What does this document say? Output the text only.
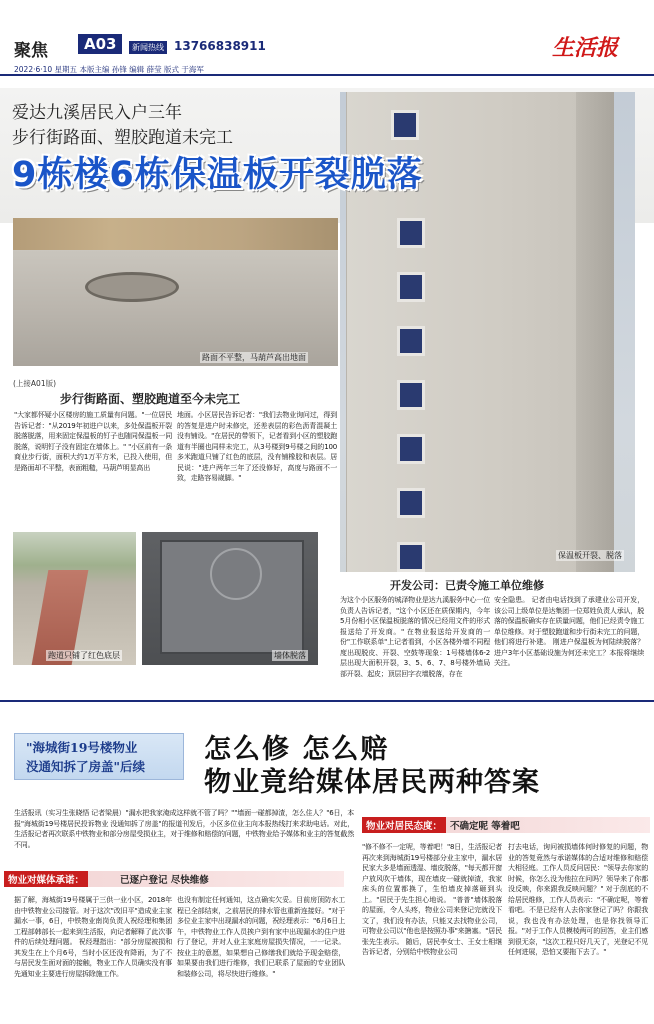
聚焦	A03	新闻热线 13766838911	生活报
2022·6·10 星期五 本版主编 孙锋 编辑 薛莹 版式 于海军
爱达九溪居民入户三年
步行街路面、塑胶跑道未完工
9栋楼6栋保温板开裂脱落
保温板开裂、脱落
路面不平整，马葫芦高出地面
(上接A01版)
步行街路面、塑胶跑道至今未完工
"大家都怀疑小区楼房的施工质量有问题。"一位居民告诉记者："从2019年初进户以来，多处保温板开裂脱落脱落，用来固定保温板的钉子也随同保温板一同脱落，说明钉子没有固定在墙体上。" "小区前有一条商业步行街，面积大约1万平方米，已投入使用，但是路面却不平整，表面粗糙，马葫芦明显高出
地面。小区居民告诉记者："我们去物业询问过，得到的答复是进户时未修完，还差表层的彩色沥青混凝土没有铺设。"在居民的带领下，记者看到小区的塑胶跑道有半圈也同样未完工，从3号楼到9号楼之间的100多米跑道只铺了红色的底层，没有铺橡胶和表层。居民说："进户两年三年了还没修好，高度与路面不一致，走路容易崴脚。"
跑道只铺了红色底层	墙体脱落
开发公司：已责令施工单位维修
为这个小区服务的城泽物业是达九溪服务中心一位负责人告诉记者，"这个小区还在质保期内，今年5月份相小区保温板脱落的情况已经用文件的形式报送给了开发商。" 在物业报送给开发商的一份"工作联系单"上记者看到，小区各楼外墙不同程度出现脱皮、开裂、空鼓等现象：1号楼墙体6-2层出现大面积开裂，3、5、6、7、8号楼外墙局部开裂、起皮；顶层回字衣墙脱落，存在
安全隐患。 记者由电话找到了承建业公司开发，该公司上级单位是达集团一位郑姓负责人承认，脱落的保温板确实存在质量问题，他们已经责令施工单位维修。对于塑胶跑道和步行街未完工的问题，他们将进行补建。 刚进户保温板为何陆续脱落？进户3年小区基础设施为何还未完工？本报将继续关注。
"海城街19号楼物业
没通知拆了房盖"后续
怎么修 怎么赔
物业竟给媒体居民两种答案
生活报讯（实习生张晓悟 记者梁晨）"漏水把我家淹成这样就不管了吗？""墙面一碰都掉渣，怎么住人？"6日，本报"海城街19号楼居民投诉物业 没通知拆了房盖"的报道刊发后，小区多位业主向本报热线打来求助电话。对此，生活报记者再次联系中铁物业和部分房屋受损业主，对于维修和赔偿的问题，中铁物业给予媒体和业主的答复截然不同。
物业对媒体承诺：	已逐户登记 尽快维修
据了解，海城街19号楼属于三供一业小区，2018年由中铁物业公司接管。对于这次"改旧平"造成业主家漏水一事，6日，中铁物业南岗负责人祝经理和集团工程部韩部长一起来到生活报，向记者解释了此次事件的后续处理问题。 祝经理指出："部分房屋被损和其发生在上个月6号，当时小区还没有降雨，为了不与居民发生面对面的接触，物业工作人员确实没有事先通知业主要进行房屋拆除施工作。
也没有制定任何通知，这点确实欠妥。目前房顶防水工程已全部结束，之前居民的排水管也重新连接好。"对于多位业主家中出现漏水的问题，祝经理表示："6月6日上午，中铁物业工作人员挨户到有家中出现漏水的住户进行了登记，并对人业主家庭房屋损失情况，一一记录。按业主的意愿，如果想自己修缮我们就给予现金赔偿，如果要由我们进行维修，我们已联系了屋面的专业团队和装修公司，将尽快进行维修。"
物业对居民态度： 不确定呢 等着吧
"修不修不一定呢，等着吧！"8日，生活报记者再次来到海城街19号楼部分业主家中，漏水居民家大多是墙面透湿、墙皮脱落，"每天都开窗户放风吹干墙体，现在墙皮一碰就掉渣，我家床头的位置都换了，生怕墙皮掉落砸到头上。"居民于先生担心地说。 "普普"墙体脱落的屋面，令人头疼，物业公司来登记完就没下文了，我们没有办法，只能又去找物业公司，可物业公司以"他也是按照办事"来搪塞。"居民张先生表示。 随后，居民李女士、王女士相继告诉记者，分别给中铁物业公司
打去电话，询问被损墙体何时修复的问题，物业的答复竟然与承诺媒体的合适对维修和赔偿大相径庭。工作人员反问居民："领导去你家的时候，你怎么没为他拉在问吗？领导来了你都没反映，你来跟我反映问题？" 对于刮底的不给居民维修，工作人员表示："不确定呢，等着看吧。不是已经有人去你家登记了吗？你跟我说，我也没有办法处理，也是你找领导汇报。"对于工作人员模棱两可的回答，业主们感到很无奈，"这次工程只好几天了，光登记不见任何进展，恐怕又要拖下去了。"
